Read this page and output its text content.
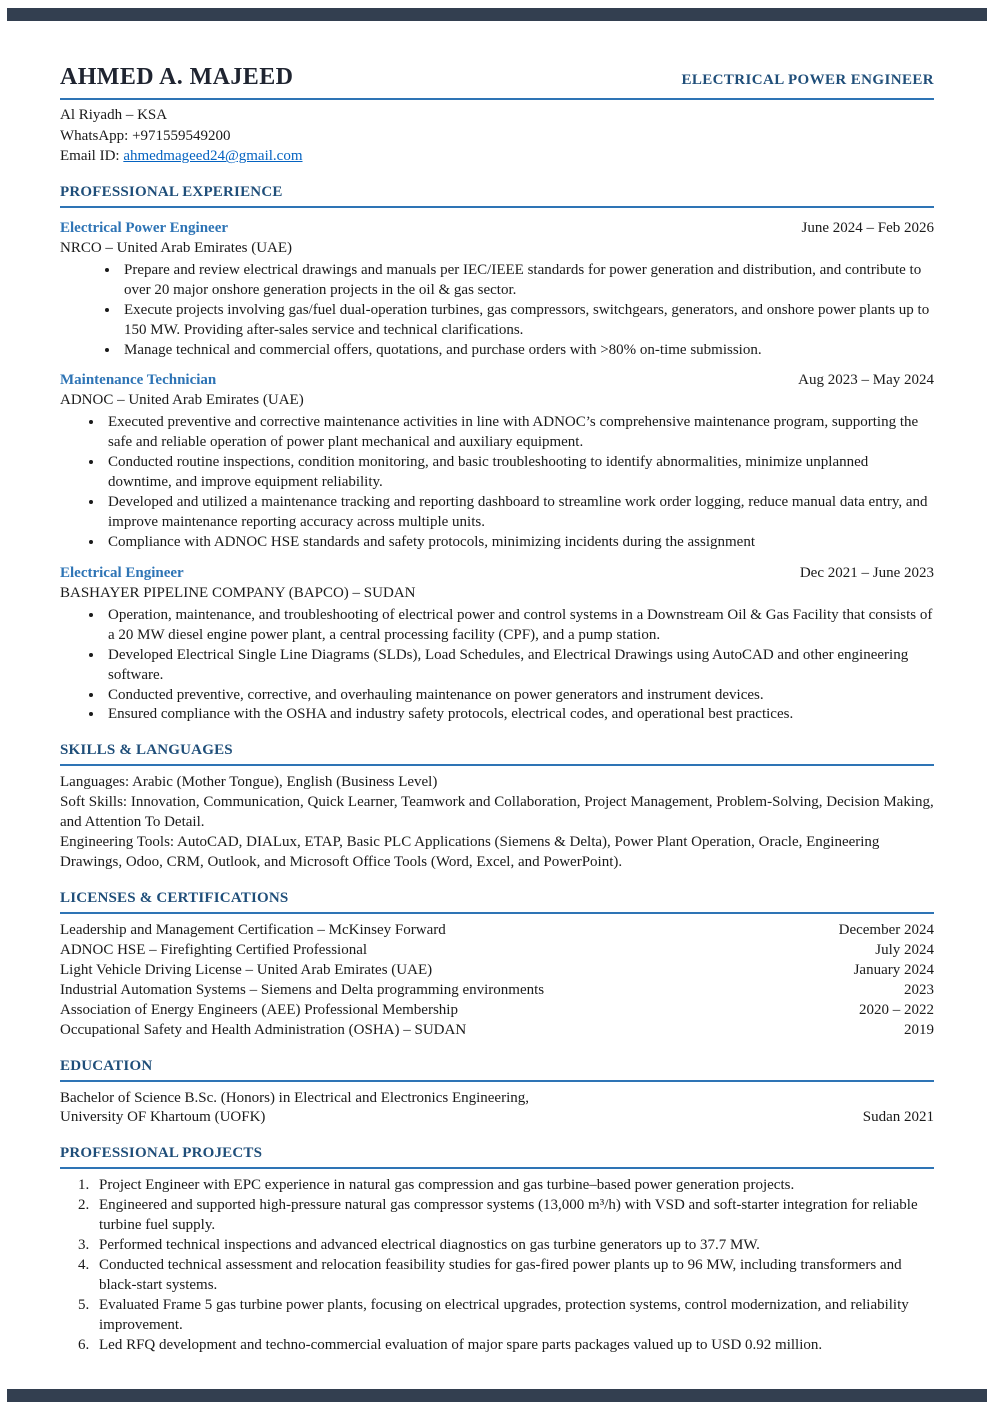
AHMED A. MAJEED	ELECTRICAL POWER ENGINEER
Al Riyadh – KSA
WhatsApp: +971559549200
Email ID: ahmedmageed24@gmail.com
PROFESSIONAL EXPERIENCE
Electrical Power Engineer	June 2024 – Feb 2026
NRCO – United Arab Emirates (UAE)
• Prepare and review electrical drawings and manuals per IEC/IEEE standards for power generation and distribution, and contribute to over 20 major onshore generation projects in the oil & gas sector.
• Execute projects involving gas/fuel dual-operation turbines, gas compressors, switchgears, generators, and onshore power plants up to 150 MW. Providing after-sales service and technical clarifications.
• Manage technical and commercial offers, quotations, and purchase orders with >80% on-time submission.
Maintenance Technician	Aug 2023 – May 2024
ADNOC – United Arab Emirates (UAE)
• Executed preventive and corrective maintenance activities in line with ADNOC’s comprehensive maintenance program, supporting the safe and reliable operation of power plant mechanical and auxiliary equipment.
• Conducted routine inspections, condition monitoring, and basic troubleshooting to identify abnormalities, minimize unplanned downtime, and improve equipment reliability.
• Developed and utilized a maintenance tracking and reporting dashboard to streamline work order logging, reduce manual data entry, and improve maintenance reporting accuracy across multiple units.
• Compliance with ADNOC HSE standards and safety protocols, minimizing incidents during the assignment
Electrical Engineer	Dec 2021 – June 2023
BASHAYER PIPELINE COMPANY (BAPCO) – SUDAN
• Operation, maintenance, and troubleshooting of electrical power and control systems in a Downstream Oil & Gas Facility that consists of a 20 MW diesel engine power plant, a central processing facility (CPF), and a pump station.
• Developed Electrical Single Line Diagrams (SLDs), Load Schedules, and Electrical Drawings using AutoCAD and other engineering software.
• Conducted preventive, corrective, and overhauling maintenance on power generators and instrument devices.
• Ensured compliance with the OSHA and industry safety protocols, electrical codes, and operational best practices.
SKILLS & LANGUAGES

Languages: Arabic (Mother Tongue), English (Business Level)

Soft Skills: Innovation, Communication, Quick Learner, Teamwork and Collaboration, Project Management, Problem-Solving, Decision Making, and Attention To Detail.

Engineering Tools: AutoCAD, DIALux, ETAP, Basic PLC Applications (Siemens & Delta), Power Plant Operation, Oracle, Engineering Drawings, Odoo, CRM, Outlook, and Microsoft Office Tools (Word, Excel, and PowerPoint).

LICENSES & CERTIFICATIONS
Leadership and Management Certification – McKinsey Forward	December 2024
ADNOC HSE – Firefighting Certified Professional	July 2024
Light Vehicle Driving License – United Arab Emirates (UAE)	January 2024
Industrial Automation Systems – Siemens and Delta programming environments	2023
Association of Energy Engineers (AEE) Professional Membership	2020 – 2022
Occupational Safety and Health Administration (OSHA) – SUDAN	2019
EDUCATION

Bachelor of Science B.Sc. (Honors) in Electrical and Electronics Engineering,

University OF Khartoum (UOFK)	Sudan 2021
PROFESSIONAL PROJECTS
1. Project Engineer with EPC experience in natural gas compression and gas turbine–based power generation projects.
2. Engineered and supported high-pressure natural gas compressor systems (13,000 m³/h) with VSD and soft-starter integration for reliable turbine fuel supply.
3. Performed technical inspections and advanced electrical diagnostics on gas turbine generators up to 37.7 MW.
4. Conducted technical assessment and relocation feasibility studies for gas-fired power plants up to 96 MW, including transformers and black-start systems.
5. Evaluated Frame 5 gas turbine power plants, focusing on electrical upgrades, protection systems, control modernization, and reliability improvement.
6. Led RFQ development and techno-commercial evaluation of major spare parts packages valued up to USD 0.92 million.
